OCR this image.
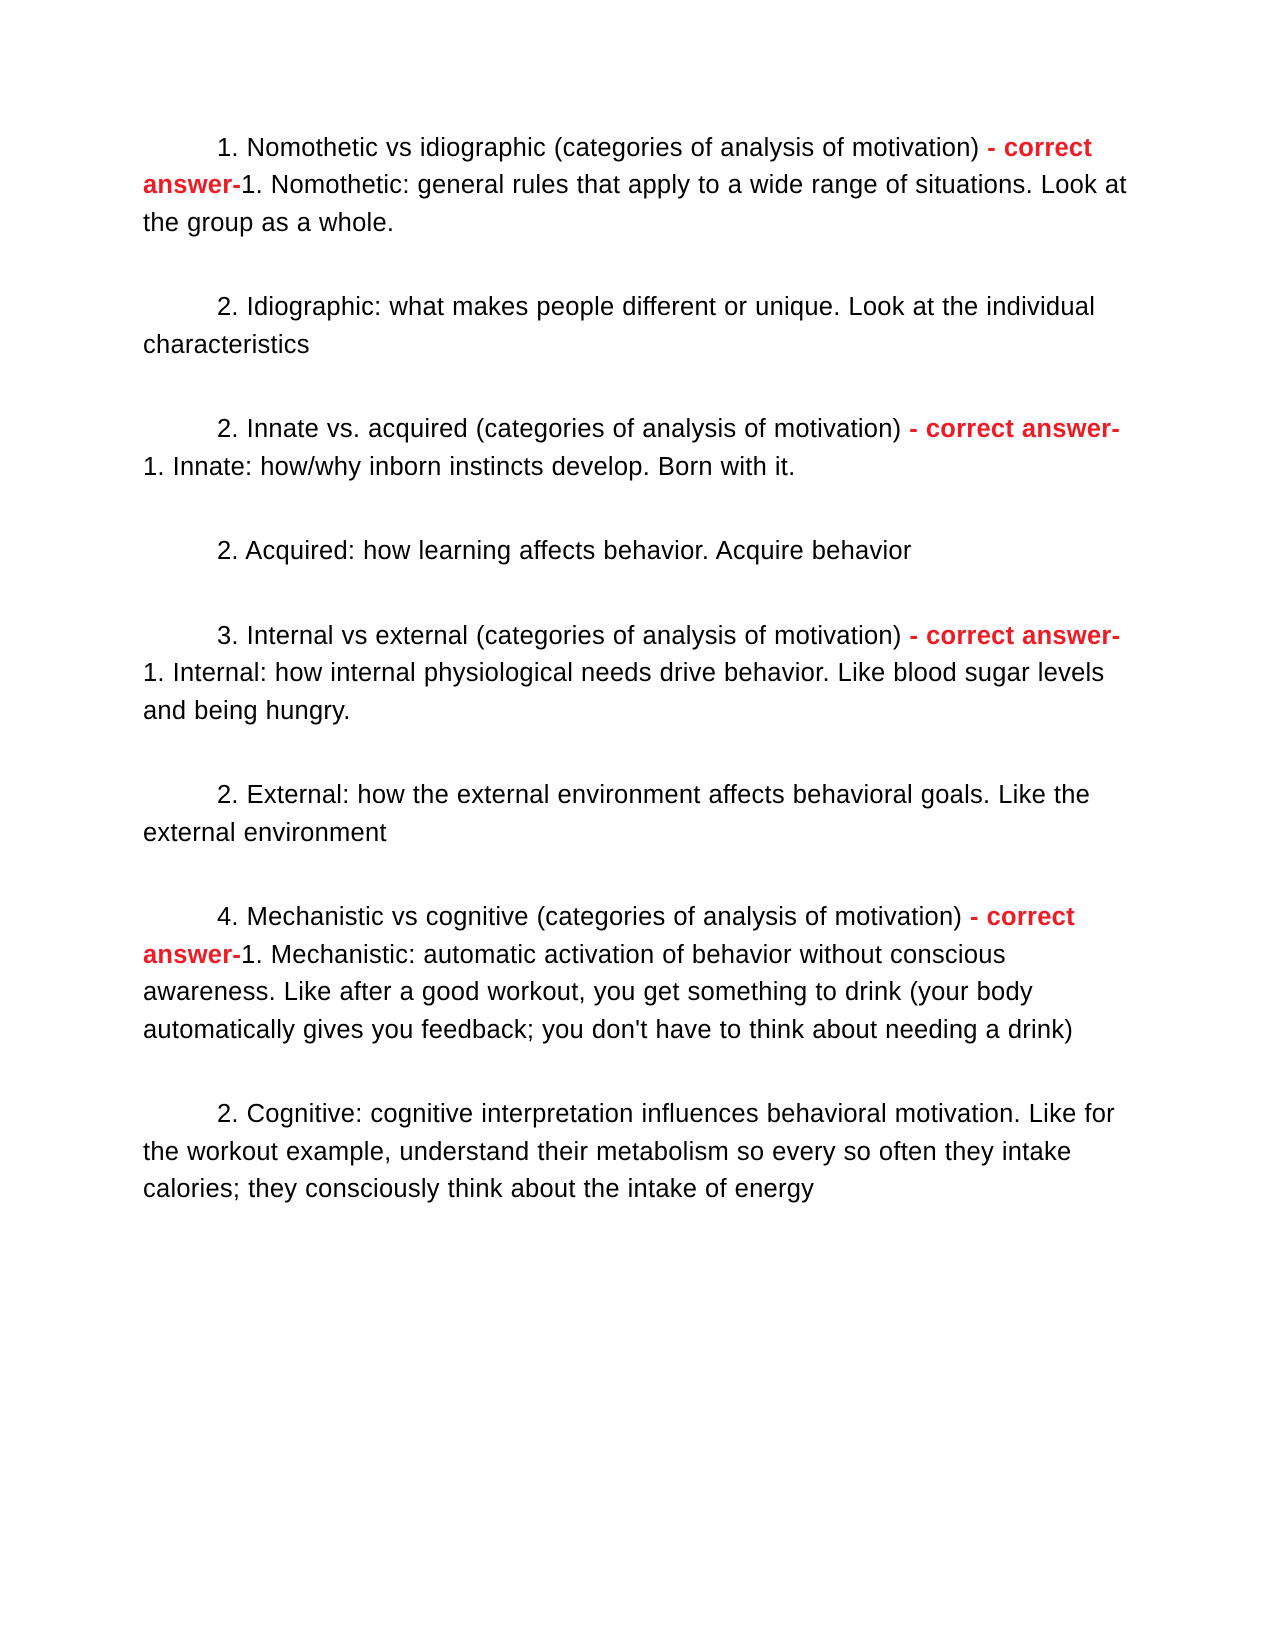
1. Nomothetic vs idiographic (categories of analysis of motivation) - correct answer-1. Nomothetic: general rules that apply to a wide range of situations. Look at the group as a whole.

2. Idiographic: what makes people different or unique. Look at the individual characteristics

2. Innate vs. acquired (categories of analysis of motivation) - correct answer-1. Innate: how/why inborn instincts develop. Born with it.

2. Acquired: how learning affects behavior. Acquire behavior

3. Internal vs external (categories of analysis of motivation) - correct answer-1. Internal: how internal physiological needs drive behavior. Like blood sugar levels and being hungry.

2. External: how the external environment affects behavioral goals. Like the external environment

4. Mechanistic vs cognitive (categories of analysis of motivation) - correct answer-1. Mechanistic: automatic activation of behavior without conscious awareness. Like after a good workout, you get something to drink (your body automatically gives you feedback; you don't have to think about needing a drink)

2. Cognitive: cognitive interpretation influences behavioral motivation. Like for the workout example, understand their metabolism so every so often they intake calories; they consciously think about the intake of energy
